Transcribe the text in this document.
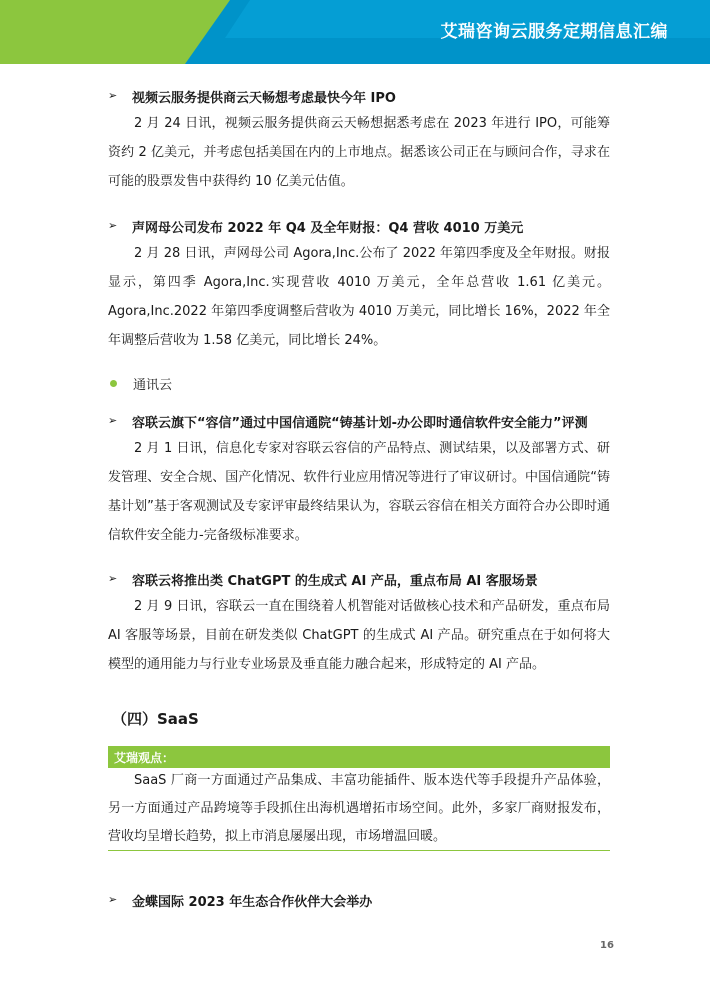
艾瑞咨询云服务定期信息汇编
➢	视频云服务提供商云天畅想考虑最快今年 IPO

2 月 24 日讯，视频云服务提供商云天畅想据悉考虑在 2023 年进行 IPO，可能筹资约 2 亿美元，并考虑包括美国在内的上市地点。据悉该公司正在与顾问合作，寻求在可能的股票发售中获得约 10 亿美元估值。

➢	声网母公司发布 2022 年 Q4 及全年财报：Q4 营收 4010 万美元

2 月 28 日讯，声网母公司 Agora,Inc.公布了 2022 年第四季度及全年财报。财报显示，第四季 Agora,Inc.实现营收 4010 万美元，全年总营收 1.61 亿美元。Agora,Inc.2022 年第四季度调整后营收为 4010 万美元，同比增长 16%，2022 年全年调整后营收为 1.58 亿美元，同比增长 24%。

通讯云
➢	容联云旗下“容信”通过中国信通院“铸基计划-办公即时通信软件安全能力”评测

2 月 1 日讯，信息化专家对容联云容信的产品特点、测试结果，以及部署方式、研发管理、安全合规、国产化情况、软件行业应用情况等进行了审议研讨。中国信通院“铸基计划”基于客观测试及专家评审最终结果认为，容联云容信在相关方面符合办公即时通信软件安全能力-完备级标准要求。

➢	容联云将推出类 ChatGPT 的生成式 AI 产品，重点布局 AI 客服场景

2 月 9 日讯，容联云一直在围绕着人机智能对话做核心技术和产品研发，重点布局 AI 客服等场景，目前在研发类似 ChatGPT 的生成式 AI 产品。研究重点在于如何将大模型的通用能力与行业专业场景及垂直能力融合起来，形成特定的 AI 产品。

（四）SaaS
艾瑞观点：

SaaS 厂商一方面通过产品集成、丰富功能插件、版本迭代等手段提升产品体验，另一方面通过产品跨境等手段抓住出海机遇增拓市场空间。此外，多家厂商财报发布，营收均呈增长趋势，拟上市消息屡屡出现，市场增温回暖。

➢	金蝶国际 2023 年生态合作伙伴大会举办
16
